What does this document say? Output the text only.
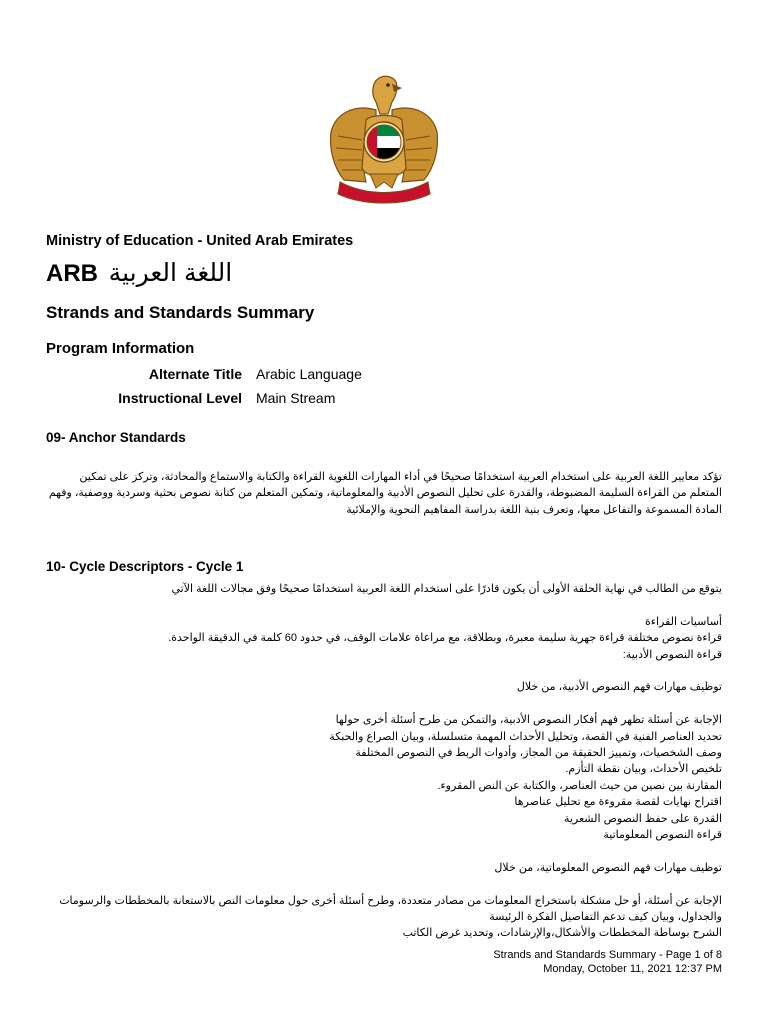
Ministry of Education - United Arab Emirates
ARB اللغة العربية
Strands and Standards Summary
Program Information
Alternate Title Arabic Language
Instructional Level Main Stream
09- Anchor Standards
تؤكد معايير اللغة العربية على استخدام العربية استخدامًا صحيحًا في أداء المهارات اللغوية القراءة والكتابة والاستماع والمحادثة، وتركز على تمكين
المتعلم من القراءة السليمة المضبوطة، والقدرة على تحليل النصوص الأدبية والمعلوماتية، وتمكين المتعلم من كتابة نصوص بحثية وسردية ووصفية، وفهم
المادة المسموعة والتفاعل معها، وتعرف بنية اللغة بدراسة المفاهيم النحوية والإملائية
10- Cycle Descriptors - Cycle 1
يتوقع من الطالب في نهاية الحلقة الأولى أن يكون قادرًا على استخدام اللغة العربية استخدامًا صحيحًا وفق مجالات اللغة الآتي
أساسيات القراءة
قراءة نصوص مختلفة قراءة جهرية سليمة معبرة، وبطلاقة، مع مراعاة علامات الوقف، في حدود 60 كلمة في الدقيقة الواحدة.
قراءة النصوص الأدبية:
توظيف مهارات فهم النصوص الأدبية، من خلال
الإجابة عن أسئلة تظهر فهم أفكار النصوص الأدبية، والتمكن من طرح أسئلة أخرى حولها
تحديد العناصر الفنية في القصة، وتحليل الأحداث المهمة متسلسلة، وبيان الصراع والحبكة
وصف الشخصيات، وتمييز الحقيقة من المجاز، وأدوات الربط في النصوص المختلفة
تلخيص الأحداث، وبيان نقطة التأزم.
المقارنة بين نصين من حيث العناصر، والكتابة عن النص المقروء.
اقتراح نهايات لقصة مقروءة مع تحليل عناصرها
القدرة على حفظ النصوص الشعرية
قراءة النصوص المعلوماتية
توظيف مهارات فهم النصوص المعلوماتية، من خلال
الإجابة عن أسئلة، أو حل مشكلة باستخراج المعلومات من مصادر متعددة، وطرح أسئلة أخرى حول معلومات النص بالاستعانة بالمخططات والرسومات
والجداول، وبيان كيف تدعم التفاصيل الفكرة الرئيسة
الشرح بوساطة المخططات والأشكال،والإرشادات، وتحديد غرض الكاتب
Strands and Standards Summary - Page 1 of 8
Monday, October 11, 2021 12:37 PM
